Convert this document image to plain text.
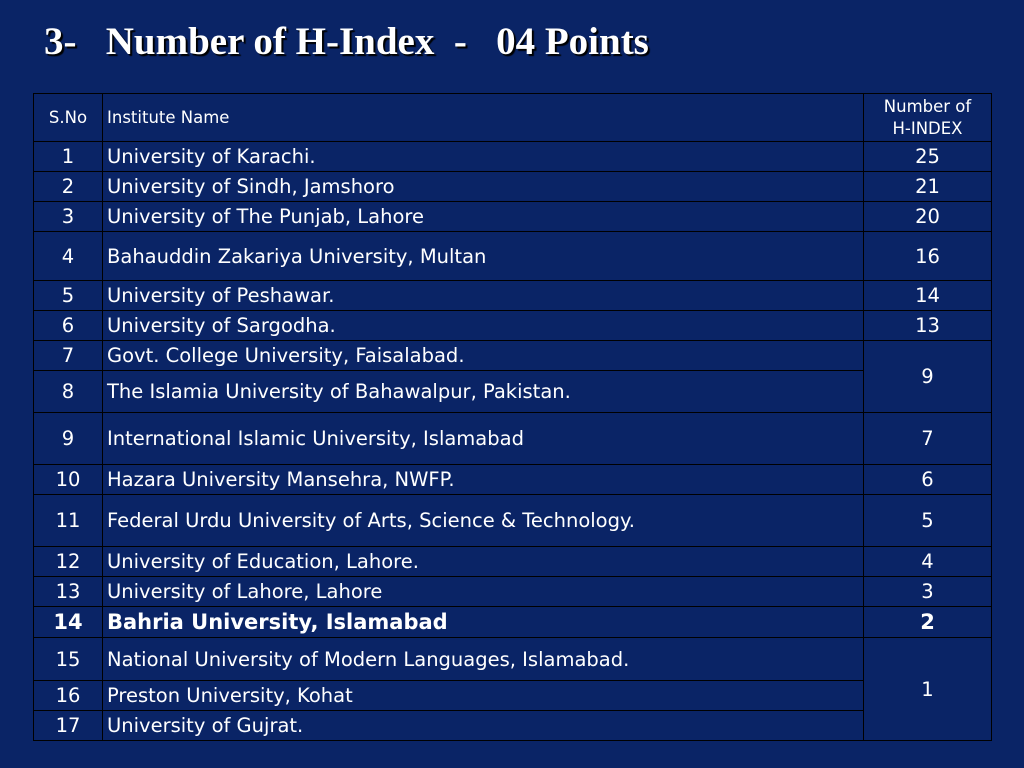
3-   Number of H-Index  -   04 Points
S.No	Institute Name	Number of
H-INDEX

1	University of Karachi.	25
2	University of Sindh, Jamshoro	21
3	University of The Punjab, Lahore	20
4	Bahauddin Zakariya University, Multan	16
5	University of Peshawar.	14
6	University of Sargodha.	13
7	Govt. College University, Faisalabad.	9
8	The Islamia University of Bahawalpur, Pakistan.	
9	International Islamic University, Islamabad	7
10	Hazara University Mansehra, NWFP.	6
11	Federal Urdu University of Arts, Science & Technology.	5
12	University of Education, Lahore.	4
13	University of Lahore, Lahore	3
14	Bahria University, Islamabad	2
15	National University of Modern Languages, Islamabad.	1
16	Preston University, Kohat	
17	University of Gujrat.	
